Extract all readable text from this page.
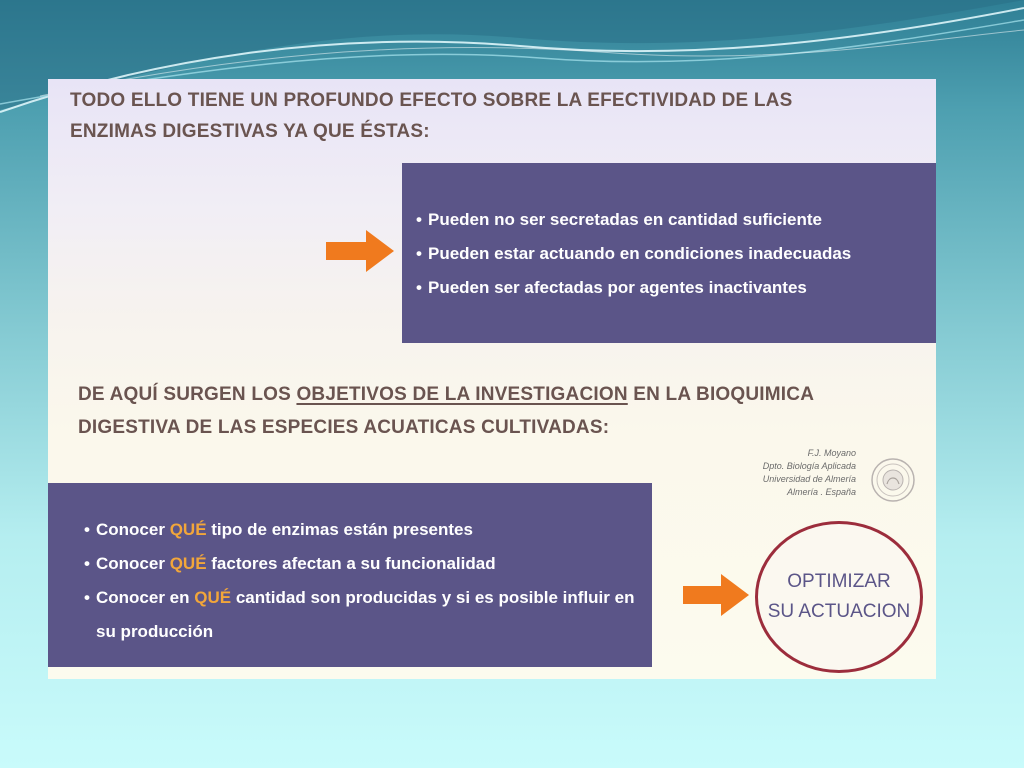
TODO ELLO TIENE UN PROFUNDO EFECTO SOBRE LA EFECTIVIDAD DE LAS ENZIMAS DIGESTIVAS YA QUE ÉSTAS:

• Pueden no ser secretadas en cantidad suficiente
• Pueden estar actuando en condiciones inadecuadas
• Pueden ser afectadas por agentes inactivantes

DE AQUÍ SURGEN LOS OBJETIVOS DE LA INVESTIGACION EN LA BIOQUIMICA DIGESTIVA DE LAS ESPECIES ACUATICAS CULTIVADAS:

F.J. Moyano
Dpto. Biología Aplicada
Universidad de Almería
Almería . España
• Conocer QUÉ tipo de enzimas están presentes
• Conocer QUÉ factores afectan a su funcionalidad
• Conocer en QUÉ cantidad son producidas y si es posible influir en su producción
OPTIMIZAR
SU ACTUACION
